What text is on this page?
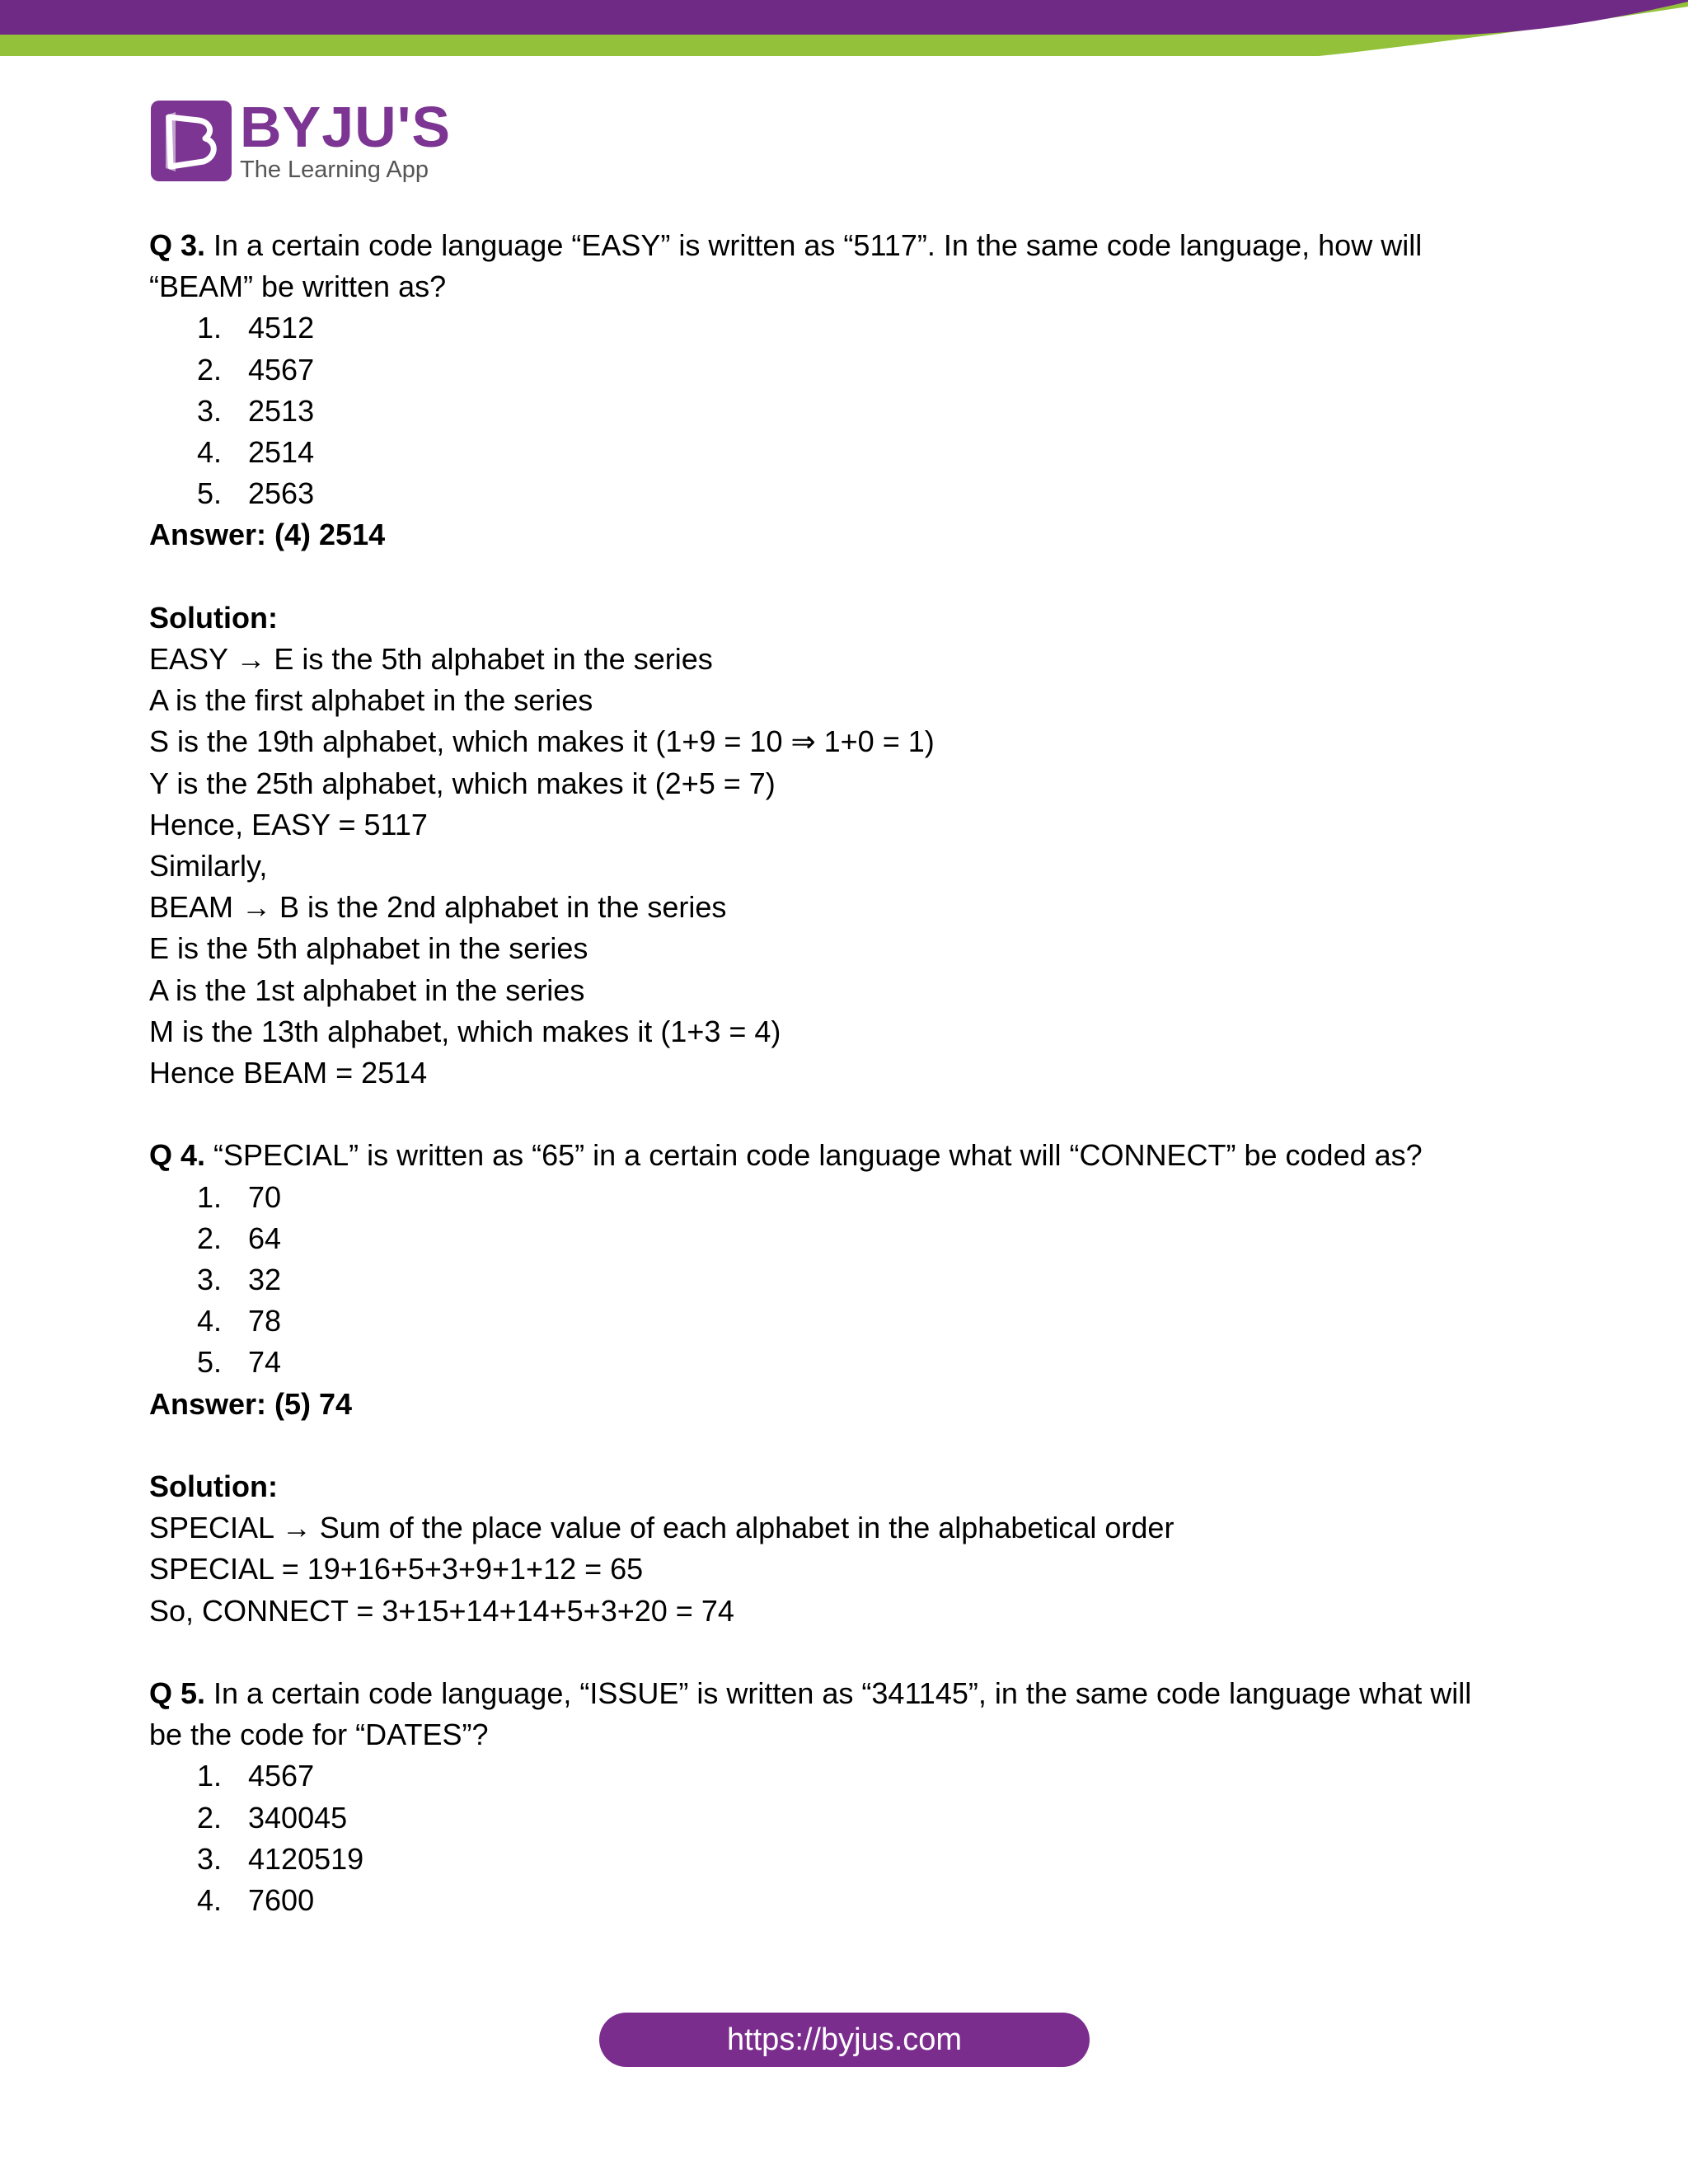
BYJU'S
The Learning App

Q 3. In a certain code language “EASY” is written as “5117”. In the same code language, how will

“BEAM” be written as?

1. 4512
2. 4567
3. 2513
4. 2514
5. 2563

Answer: (4) 2514

Solution:

EASY → E is the 5th alphabet in the series

A is the first alphabet in the series

S is the 19th alphabet, which makes it (1+9 = 10 ⇒ 1+0 = 1)

Y is the 25th alphabet, which makes it (2+5 = 7)

Hence, EASY = 5117

Similarly,

BEAM → B is the 2nd alphabet in the series

E is the 5th alphabet in the series

A is the 1st alphabet in the series

M is the 13th alphabet, which makes it (1+3 = 4)

Hence BEAM = 2514

Q 4. “SPECIAL” is written as “65” in a certain code language what will “CONNECT” be coded as?

1. 70
2. 64
3. 32
4. 78
5. 74

Answer: (5) 74

Solution:

SPECIAL → Sum of the place value of each alphabet in the alphabetical order

SPECIAL = 19+16+5+3+9+1+12 = 65

So, CONNECT = 3+15+14+14+5+3+20 = 74

Q 5. In a certain code language, “ISSUE” is written as “341145”, in the same code language what will

be the code for “DATES”?

1. 4567
2. 340045
3. 4120519
4. 7600
https://byjus.com
